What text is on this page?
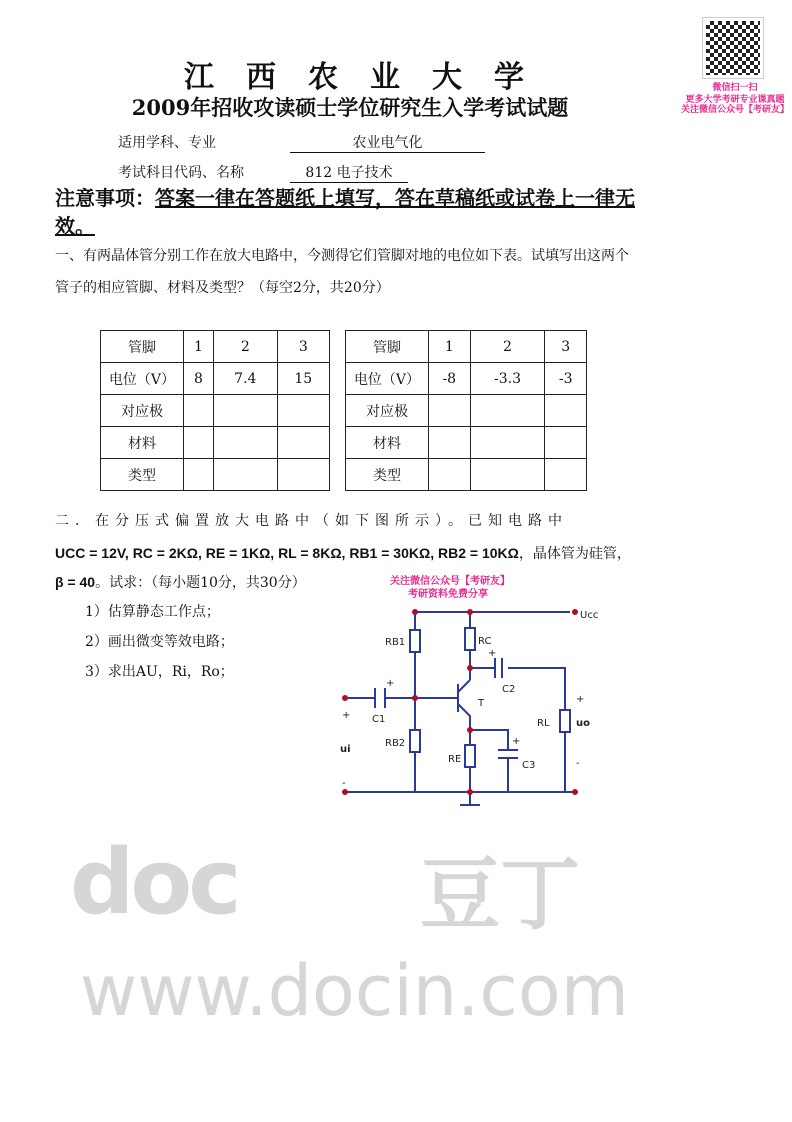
doc 豆丁
www.docin.com
微信扫一扫
更多大学考研专业课真题
关注微信公众号【考研友】
江西农业大学
2009年招收攻读硕士学位研究生入学考试试题
适用学科、专业	农业电气化
考试科目代码、名称	812 电子技术
注意事项：答案一律在答题纸上填写，答在草稿纸或试卷上一律无效。
一、有两晶体管分别工作在放大电路中，今测得它们管脚对地的电位如下表。试填写出这两个管子的相应管脚、材料及类型？（每空2分，共20分）
管脚	1	2	3
电位（V）	8	7.4	15
对应极			
材料			
类型			
管脚	1	2	3
电位（V）	-8	-3.3	-3
对应极			
材料			
类型			
二．在分压式偏置放大电路中（如下图所示）。已知电路中
UCC = 12V, RC = 2KΩ, RE = 1KΩ, RL = 8KΩ, RB1 = 30KΩ, RB2 = 10KΩ，晶体管为硅管，
β = 40。试求：（每小题10分，共30分）	关注微信公众号【考研友】
考研资料免费分享
1）估算静态工作点；
2）画出微变等效电路；
3）求出AU，Ri，Ro；
Ucc
RB1	RC
C2
T
C1
RB2
RE
C3
RL	uo
ui
+
-
+
-
+
+
+
